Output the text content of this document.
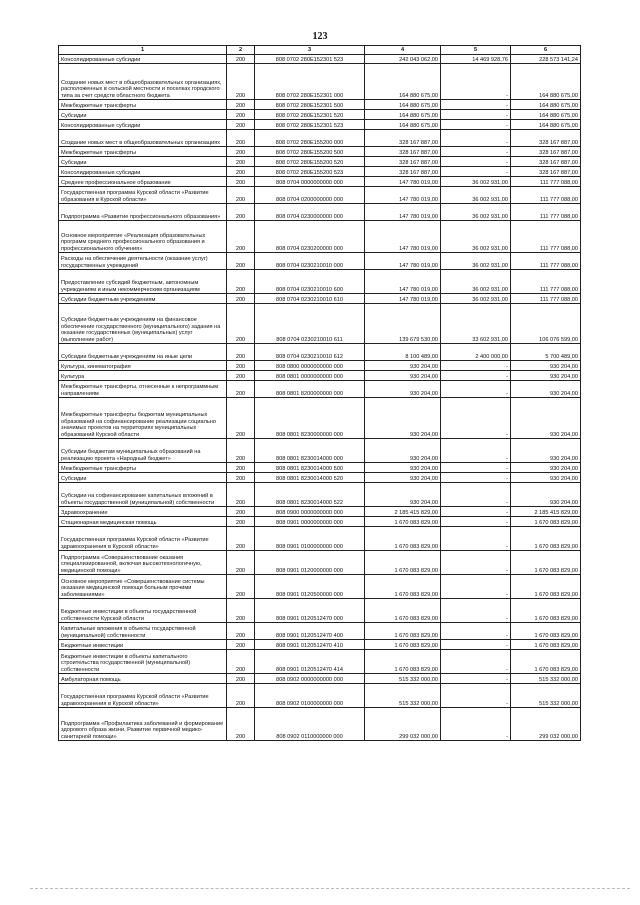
123
1	2	3	4	5	6
Консолидированные субсидии	200	808 0702 280Е152301 523	242 043 062,00	14 469 928,76	228 573 141,24
Создание новых мест в общеобразовательных организациях, расположенных в сельской местности и поселках городского типа за счет средств областного бюджета	200	808 0702 280Е152301 000	164 880 675,00	-	164 880 675,00
Межбюджетные трансферты	200	808 0702 280Е152301 500	164 880 675,00	-	164 880 675,00
Субсидии	200	808 0702 280Е152301 520	164 880 675,00	-	164 880 675,00
Консолидированные субсидии	200	808 0702 280Е152301 523	164 880 675,00	-	164 880 675,00
Создание новых мест в общеобразовательных организациях	200	808 0702 280Е155200 000	328 167 887,00	-	328 167 887,00
Межбюджетные трансферты	200	808 0702 280Е155200 500	328 167 887,00	-	328 167 887,00
Субсидии	200	808 0702 280Е155200 520	328 167 887,00	-	328 167 887,00
Консолидированные субсидии	200	808 0702 280Е155200 523	328 167 887,00	-	328 167 887,00
Среднее профессиональное образование	200	808 0704 0000000000 000	147 780 019,00	36 002 931,00	111 777 088,00
Государственная программа Курской области «Развитие образования в Курской области»	200	808 0704 0200000000 000	147 780 019,00	36 002 931,00	111 777 088,00
Подпрограмма «Развитие профессионального образования»	200	808 0704 0230000000 000	147 780 019,00	36 002 931,00	111 777 088,00
Основное мероприятие «Реализация образовательных программ среднего профессионального образования и профессионального обучения»	200	808 0704 0230200000 000	147 780 019,00	36 002 931,00	111 777 088,00
Расходы на обеспечение деятельности (оказание услуг) государственных учреждений	200	808 0704 0230210010 000	147 780 019,00	36 002 931,00	111 777 088,00
Предоставление субсидий бюджетным, автономным учреждениям и иным некоммерческим организациям	200	808 0704 0230210010 600	147 780 019,00	36 002 931,00	111 777 088,00
Субсидии бюджетным учреждениям	200	808 0704 0230210010 610	147 780 019,00	36 002 931,00	111 777 088,00
Субсидии бюджетным учреждениям на финансовое обеспечение государственного (муниципального) задания на оказание государственных (муниципальных) услуг (выполнение работ)	200	808 0704 0230210010 611	139 679 530,00	33 602 931,00	106 076 599,00
Субсидии бюджетным учреждениям на иные цели	200	808 0704 0230210010 612	8 100 489,00	2 400 000,00	5 700 489,00
Культура, кинематография	200	808 0800 0000000000 000	930 204,00	-	930 204,00
Культура	200	808 0801 0000000000 000	930 204,00	-	930 204,00
Межбюджетные трансферты, отнесенные к непрограммным направлениям	200	808 0801 8200000000 000	930 204,00	-	930 204,00
Межбюджетные трансферты бюджетам муниципальных образований на софинансирование реализации социально значимых проектов на территориях муниципальных образований Курской области	200	808 0801 8230000000 000	930 204,00	-	930 204,00
Субсидии бюджетам муниципальных образований на реализацию проекта «Народный бюджет»	200	808 0801 8230014000 000	930 204,00	-	930 204,00
Межбюджетные трансферты	200	808 0801 8230014000 500	930 204,00	-	930 204,00
Субсидии	200	808 0801 8230014000 520	930 204,00	-	930 204,00
Субсидии на софинансирование капитальных вложений в объекты государственной (муниципальной) собственности	200	808 0801 8230014000 522	930 204,00	-	930 204,00
Здравоохранение	200	808 0900 0000000000 000	2 185 415 829,00	-	2 185 415 829,00
Стационарная медицинская помощь	200	808 0901 0000000000 000	1 670 083 829,00	-	1 670 083 829,00
Государственная программа Курской области «Развитие здравоохранения в Курской области»	200	808 0901 0100000000 000	1 670 083 829,00	-	1 670 083 829,00
Подпрограмма «Совершенствование оказания специализированной, включая высокотехнологичную, медицинской помощи»	200	808 0901 0120000000 000	1 670 083 829,00	-	1 670 083 829,00
Основное мероприятие «Совершенствование системы оказания медицинской помощи больным прочими заболеваниями»	200	808 0901 0120500000 000	1 670 083 829,00	-	1 670 083 829,00
Бюджетные инвестиции в объекты государственной собственности Курской области	200	808 0901 0120512470 000	1 670 083 829,00	-	1 670 083 829,00
Капитальные вложения в объекты государственной (муниципальной) собственности	200	808 0901 0120512470 400	1 670 083 829,00	-	1 670 083 829,00
Бюджетные инвестиции	200	808 0901 0120512470 410	1 670 083 829,00	-	1 670 083 829,00
Бюджетные инвестиции в объекты капитального строительства государственной (муниципальной) собственности	200	808 0901 0120512470 414	1 670 083 829,00	-	1 670 083 829,00
Амбулаторная помощь	200	808 0902 0000000000 000	515 332 000,00	-	515 332 000,00
Государственная программа Курской области «Развитие здравоохранения в Курской области»	200	808 0902 0100000000 000	515 332 000,00	-	515 332 000,00
Подпрограмма «Профилактика заболеваний и формирование здорового образа жизни. Развитие первичной медико-санитарной помощи»	200	808 0902 0110000000 000	299 032 000,00	-	299 032 000,00
